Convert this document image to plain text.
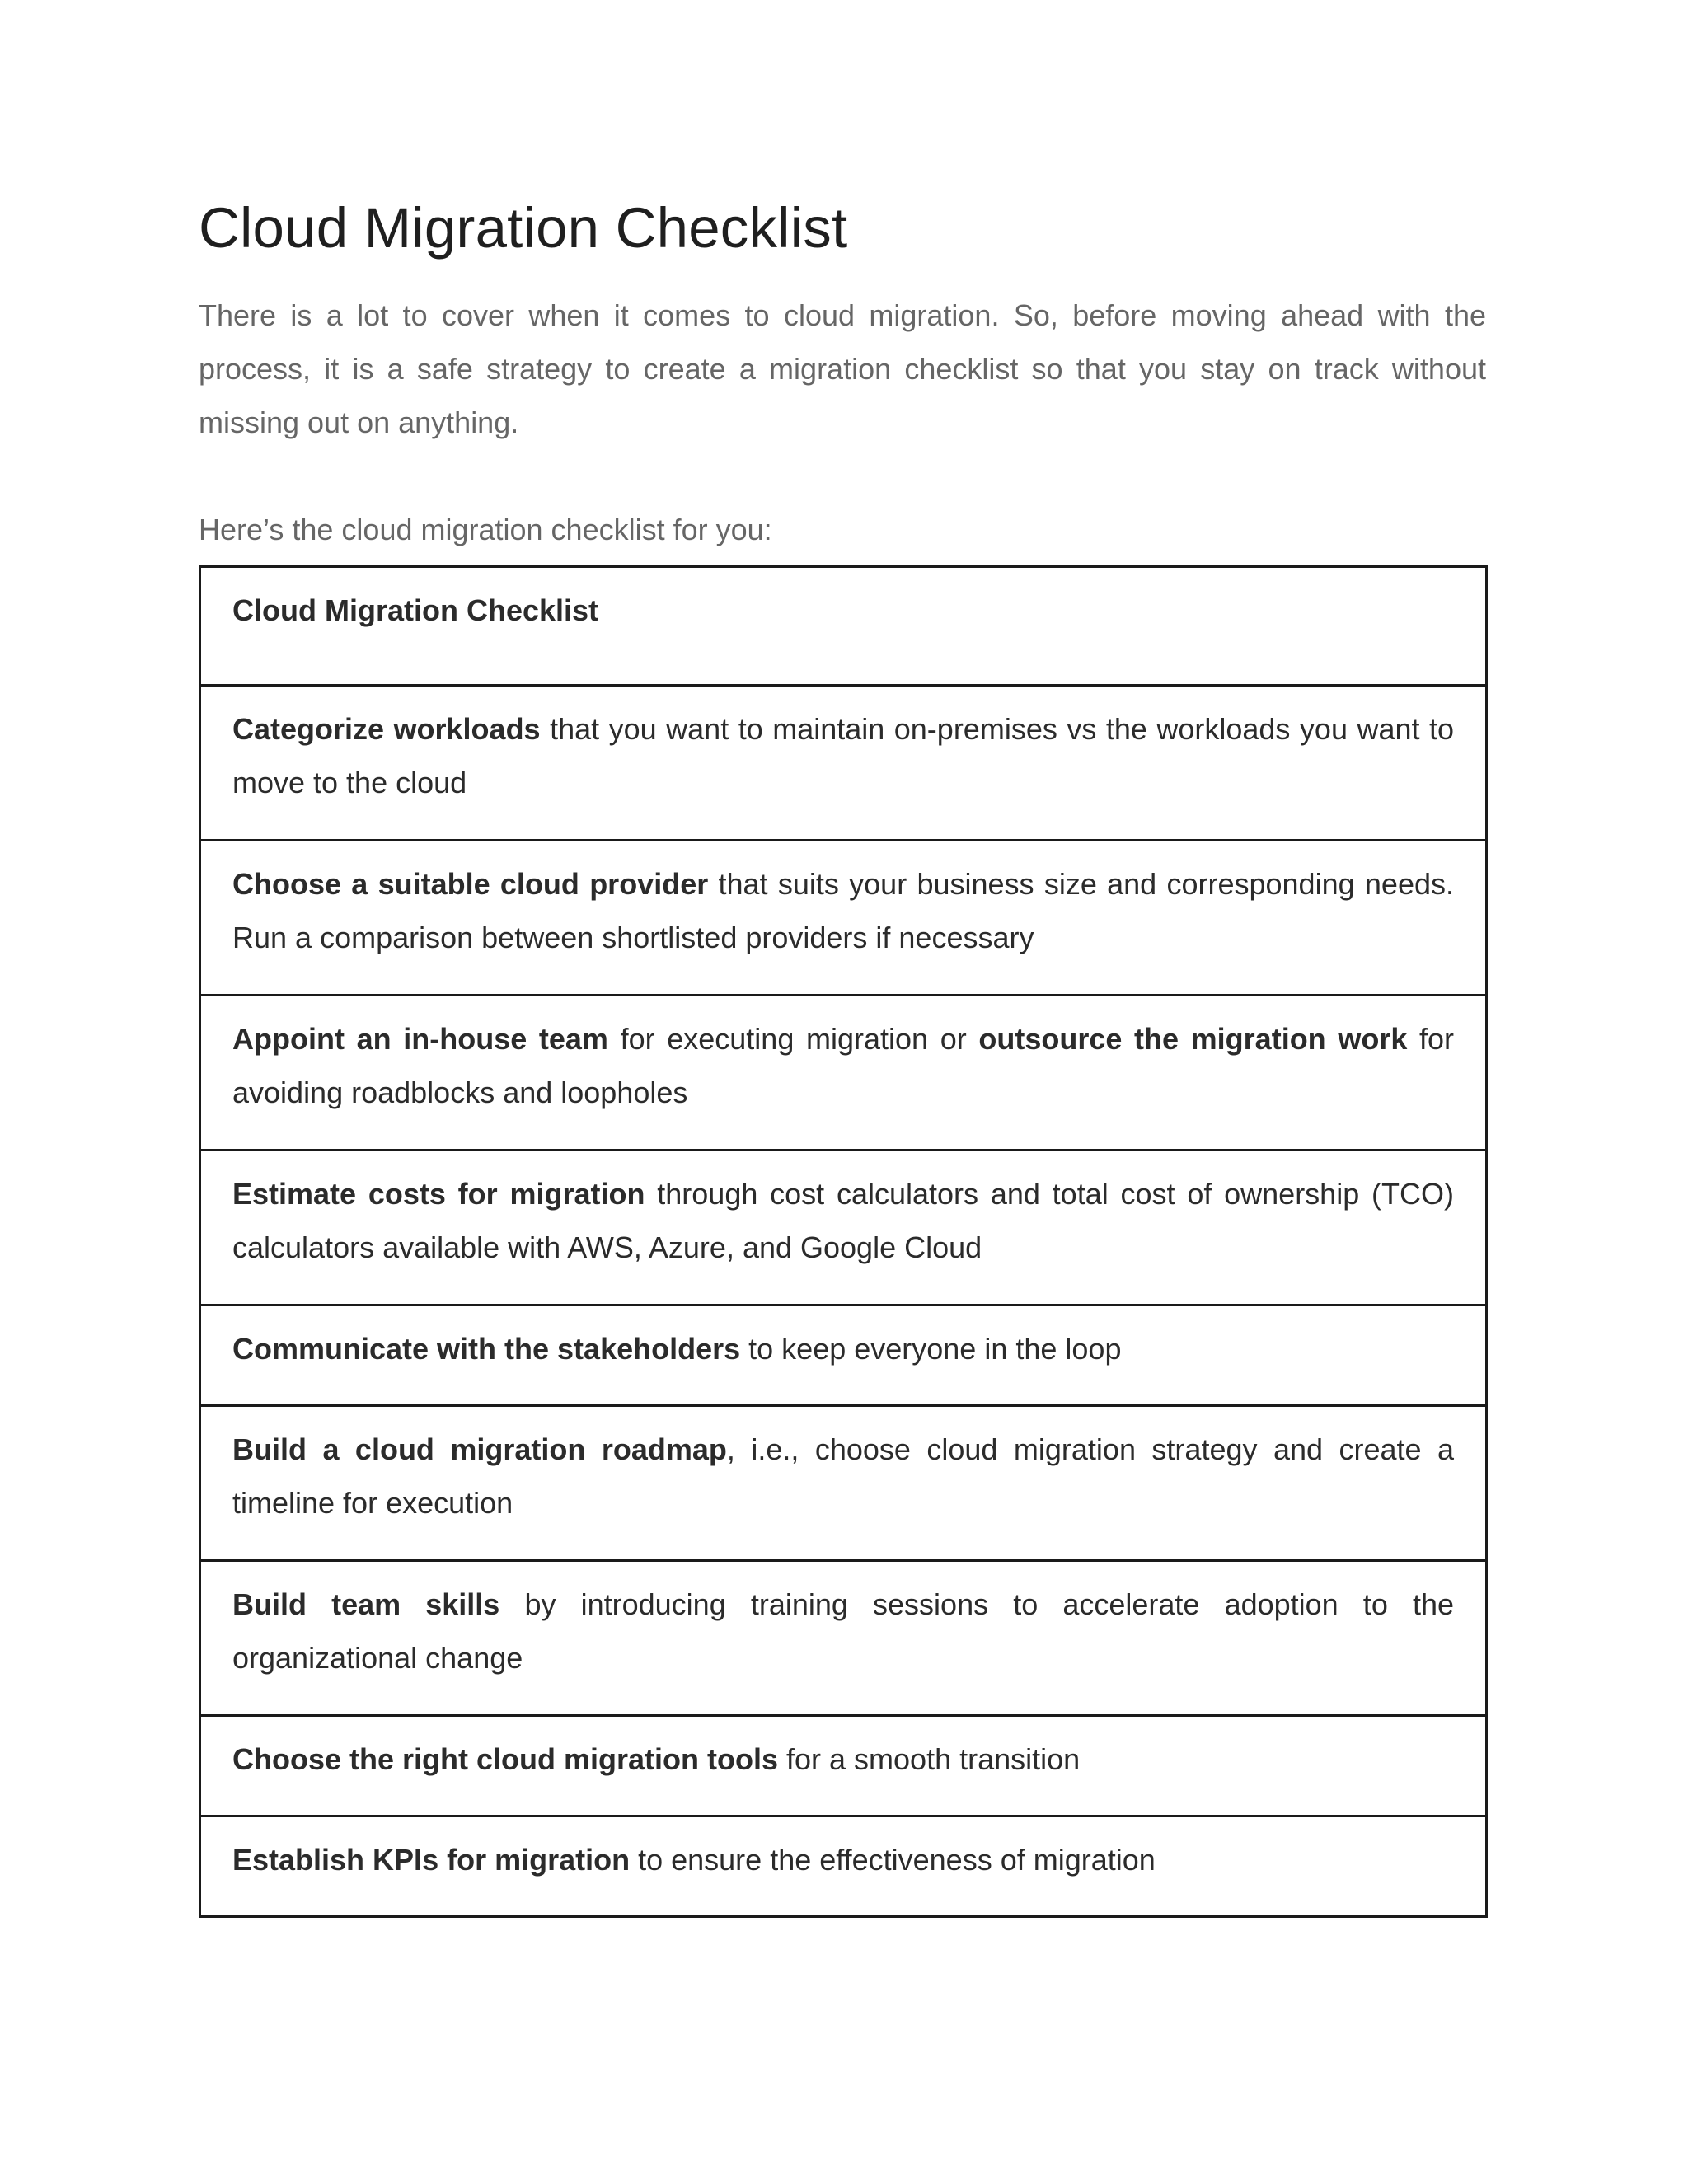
Cloud Migration Checklist

There is a lot to cover when it comes to cloud migration. So, before moving ahead with the process, it is a safe strategy to create a migration checklist so that you stay on track without missing out on anything.

Here’s the cloud migration checklist for you:

Cloud Migration Checklist

Categorize workloads that you want to maintain on-premises vs the workloads you want to move to the cloud

Choose a suitable cloud provider that suits your business size and corresponding needs. Run a comparison between shortlisted providers if necessary

Appoint an in-house team for executing migration or outsource the migration work for avoiding roadblocks and loopholes

Estimate costs for migration through cost calculators and total cost of ownership (TCO) calculators available with AWS, Azure, and Google Cloud

Communicate with the stakeholders to keep everyone in the loop

Build a cloud migration roadmap, i.e., choose cloud migration strategy and create a timeline for execution

Build team skills by introducing training sessions to accelerate adoption to the organizational change

Choose the right cloud migration tools for a smooth transition

Establish KPIs for migration to ensure the effectiveness of migration
